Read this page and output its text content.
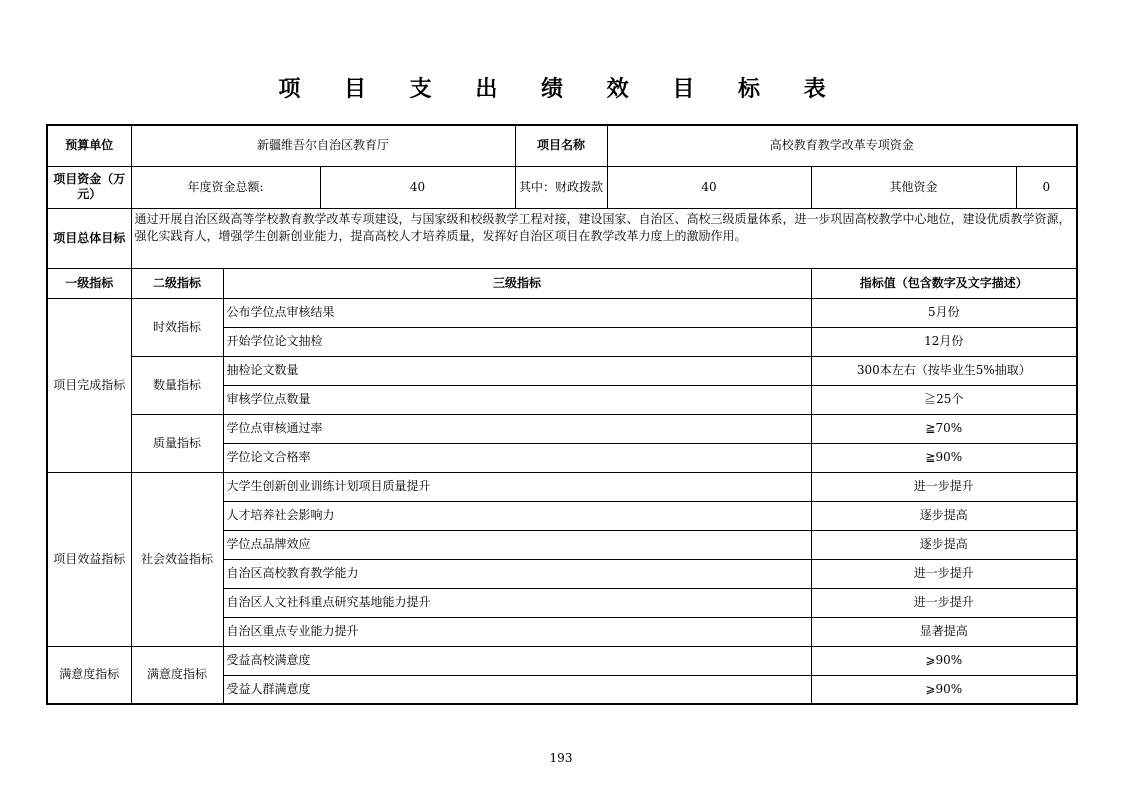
项 目 支 出 绩 效 目 标 表
预算单位	新疆维吾尔自治区教育厅			项目名称	高校教育教学改革专项资金	
项目资金（万元）	年度资金总额:		40	其中：财政拨款	40	其他资金 0

项目总体目标	通过开展自治区级高等学校教育教学改革专项建设，与国家级和校级教学工程对接，建设国家、自治区、高校三级质量体系，进一步巩固高校教学中心地位，建设优质教学资源，强化实践育人，增强学生创新创业能力，提高高校人才培养质量，发挥好自治区项目在教学改革力度上的激励作用。					
一级指标	二级指标	三级指标				指标值（包含数字及文字描述）
项目完成指标	时效指标	公布学位点审核结果				5月份
		开始学位论文抽检				12月份
	数量指标	抽检论文数量				300本左右（按毕业生5%抽取）
		审核学位点数量				≧25个
	质量指标	学位点审核通过率				≧70%
		学位论文合格率				≧90%
项目效益指标	社会效益指标	大学生创新创业训练计划项目质量提升				进一步提升
		人才培养社会影响力				逐步提高
		学位点品牌效应				逐步提高
		自治区高校教育教学能力				进一步提升
		自治区人文社科重点研究基地能力提升				进一步提升
		自治区重点专业能力提升				显著提高
满意度指标	满意度指标	受益高校满意度				⩾90%
		受益人群满意度				⩾90%
193
